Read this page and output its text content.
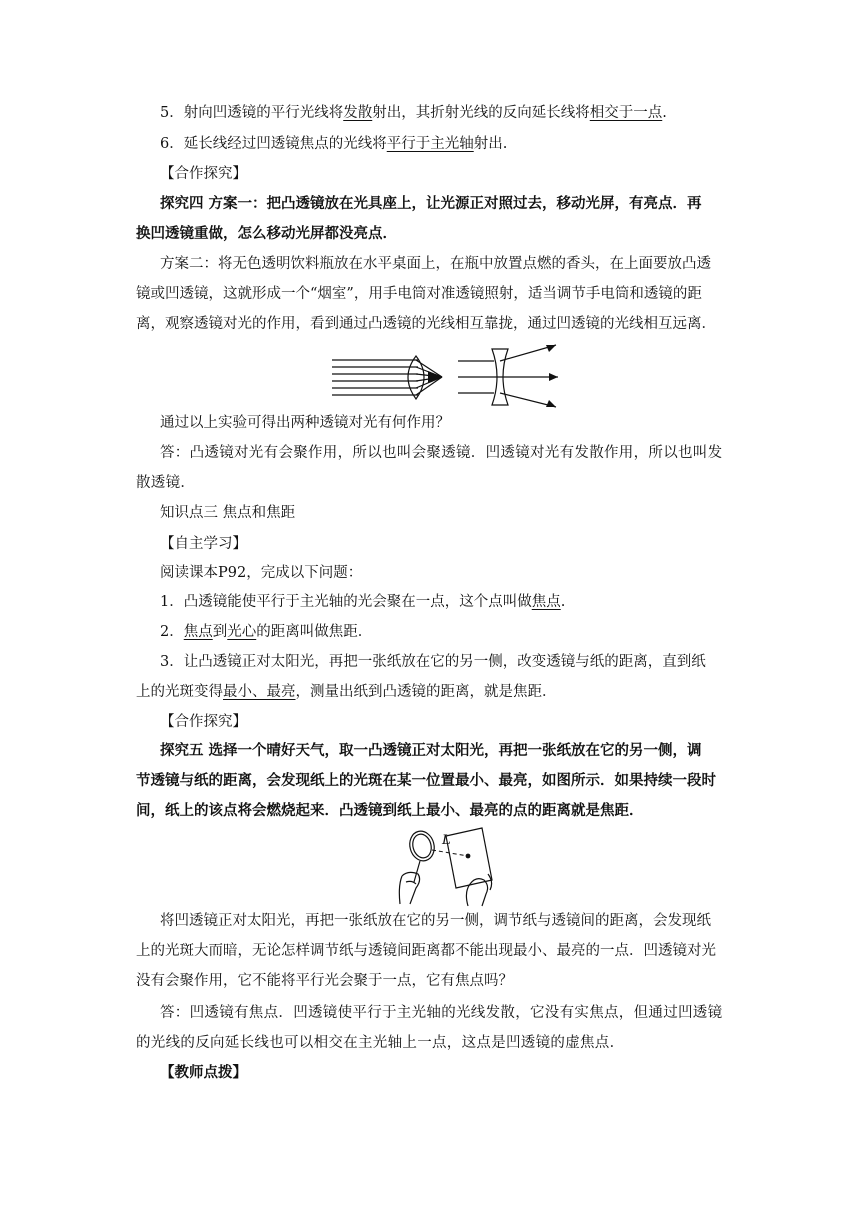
5．射向凹透镜的平行光线将发散射出，其折射光线的反向延长线将相交于一点.
6．延长线经过凹透镜焦点的光线将平行于主光轴射出.
【合作探究】
探究四 方案一：把凸透镜放在光具座上，让光源正对照过去，移动光屏，有亮点．再
换凹透镜重做，怎么移动光屏都没亮点．
方案二：将无色透明饮料瓶放在水平桌面上，在瓶中放置点燃的香头，在上面要放凸透
镜或凹透镜，这就形成一个“烟室”，用手电筒对准透镜照射，适当调节手电筒和透镜的距
离，观察透镜对光的作用，看到通过凸透镜的光线相互靠拢，通过凹透镜的光线相互远离．
通过以上实验可得出两种透镜对光有何作用？
答：凸透镜对光有会聚作用，所以也叫会聚透镜．凹透镜对光有发散作用，所以也叫发
散透镜．
知识点三 焦点和焦距
【自主学习】
阅读课本P92，完成以下问题：
1．凸透镜能使平行于主光轴的光会聚在一点，这个点叫做焦点.
2．焦点到光心的距离叫做焦距．
3．让凸透镜正对太阳光，再把一张纸放在它的另一侧，改变透镜与纸的距离，直到纸
上的光斑变得最小、最亮，测量出纸到凸透镜的距离，就是焦距．
【合作探究】
探究五 选择一个晴好天气，取一凸透镜正对太阳光，再把一张纸放在它的另一侧，调
节透镜与纸的距离，会发现纸上的光斑在某一位置最小、最亮，如图所示．如果持续一段时
间，纸上的该点将会燃烧起来．凸透镜到纸上最小、最亮的点的距离就是焦距．
L
将凹透镜正对太阳光，再把一张纸放在它的另一侧，调节纸与透镜间的距离，会发现纸
上的光斑大而暗，无论怎样调节纸与透镜间距离都不能出现最小、最亮的一点．凹透镜对光
没有会聚作用，它不能将平行光会聚于一点，它有焦点吗？
答：凹透镜有焦点．凹透镜使平行于主光轴的光线发散，它没有实焦点，但通过凹透镜
的光线的反向延长线也可以相交在主光轴上一点，这点是凹透镜的虚焦点．
【教师点拨】
